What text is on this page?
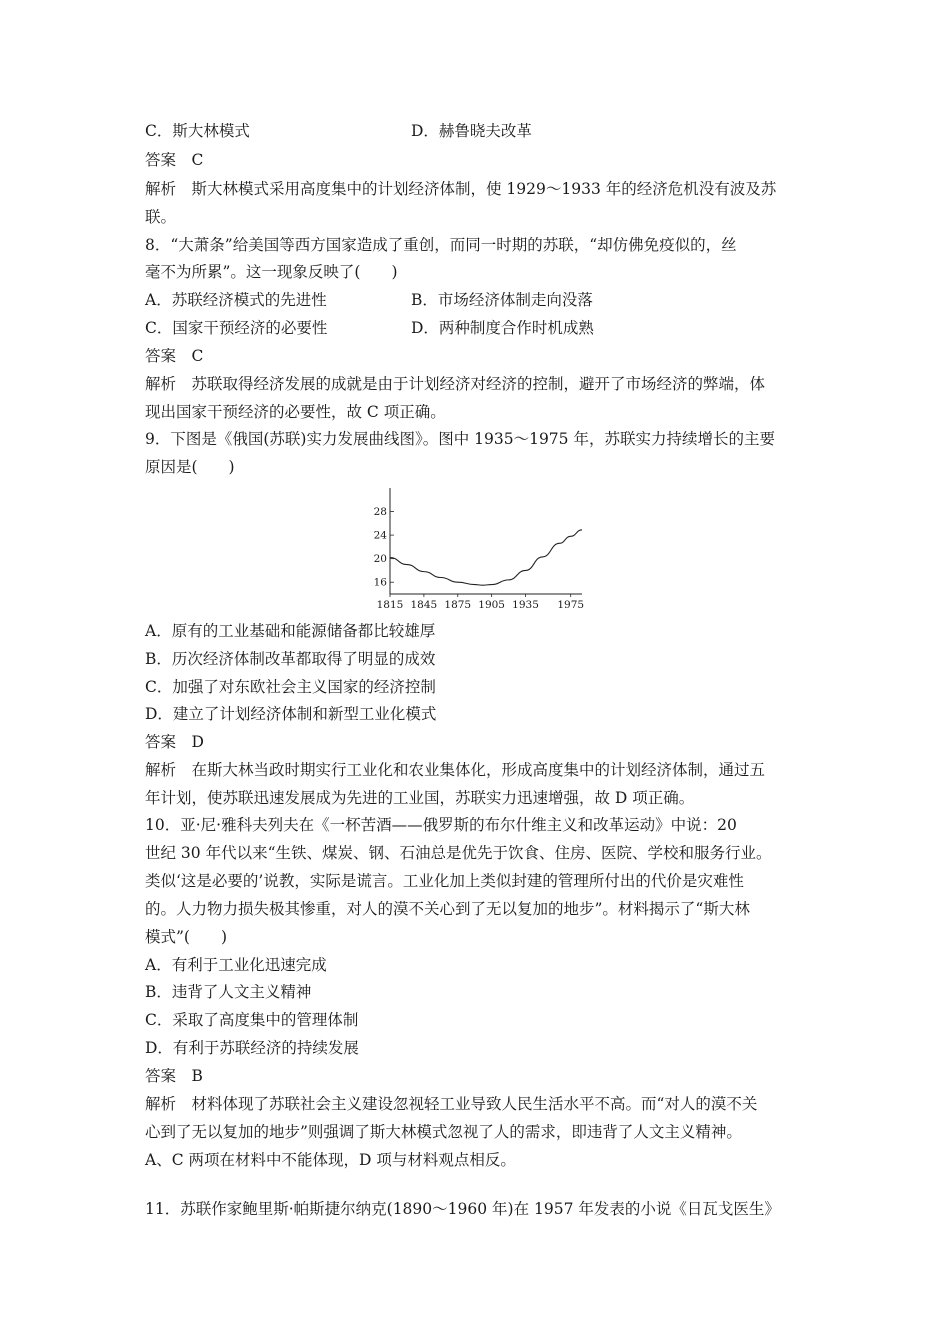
C．斯大林模式	D．赫鲁晓夫改革
答案　C
解析　斯大林模式采用高度集中的计划经济体制，使 1929～1933 年的经济危机没有波及苏
联。
8．“大萧条”给美国等西方国家造成了重创，而同一时期的苏联，“却仿佛免疫似的，丝
毫不为所累”。这一现象反映了(　　)
A．苏联经济模式的先进性	B．市场经济体制走向没落
C．国家干预经济的必要性	D．两种制度合作时机成熟
答案　C
解析　苏联取得经济发展的成就是由于计划经济对经济的控制，避开了市场经济的弊端，体
现出国家干预经济的必要性，故 C 项正确。
9．下图是《俄国(苏联)实力发展曲线图》。图中 1935～1975 年，苏联实力持续增长的主要
原因是(　　)
1815 1845 1875 1905 1935 1975
16
20
24
28
A．原有的工业基础和能源储备都比较雄厚
B．历次经济体制改革都取得了明显的成效
C．加强了对东欧社会主义国家的经济控制
D．建立了计划经济体制和新型工业化模式
答案　D
解析　在斯大林当政时期实行工业化和农业集体化，形成高度集中的计划经济体制，通过五
年计划，使苏联迅速发展成为先进的工业国，苏联实力迅速增强，故 D 项正确。
10．亚·尼·雅科夫列夫在《一杯苦酒——俄罗斯的布尔什维主义和改革运动》中说：20
世纪 30 年代以来“生铁、煤炭、钢、石油总是优先于饮食、住房、医院、学校和服务行业。
类似‘这是必要的’说教，实际是谎言。工业化加上类似封建的管理所付出的代价是灾难性
的。人力物力损失极其惨重，对人的漠不关心到了无以复加的地步”。材料揭示了“斯大林
模式”(　　)
A．有利于工业化迅速完成
B．违背了人文主义精神
C．采取了高度集中的管理体制
D．有利于苏联经济的持续发展
答案　B
解析　材料体现了苏联社会主义建设忽视轻工业导致人民生活水平不高。而“对人的漠不关
心到了无以复加的地步”则强调了斯大林模式忽视了人的需求，即违背了人文主义精神。
A、C 两项在材料中不能体现，D 项与材料观点相反。
11．苏联作家鲍里斯·帕斯捷尔纳克(1890～1960 年)在 1957 年发表的小说《日瓦戈医生》
